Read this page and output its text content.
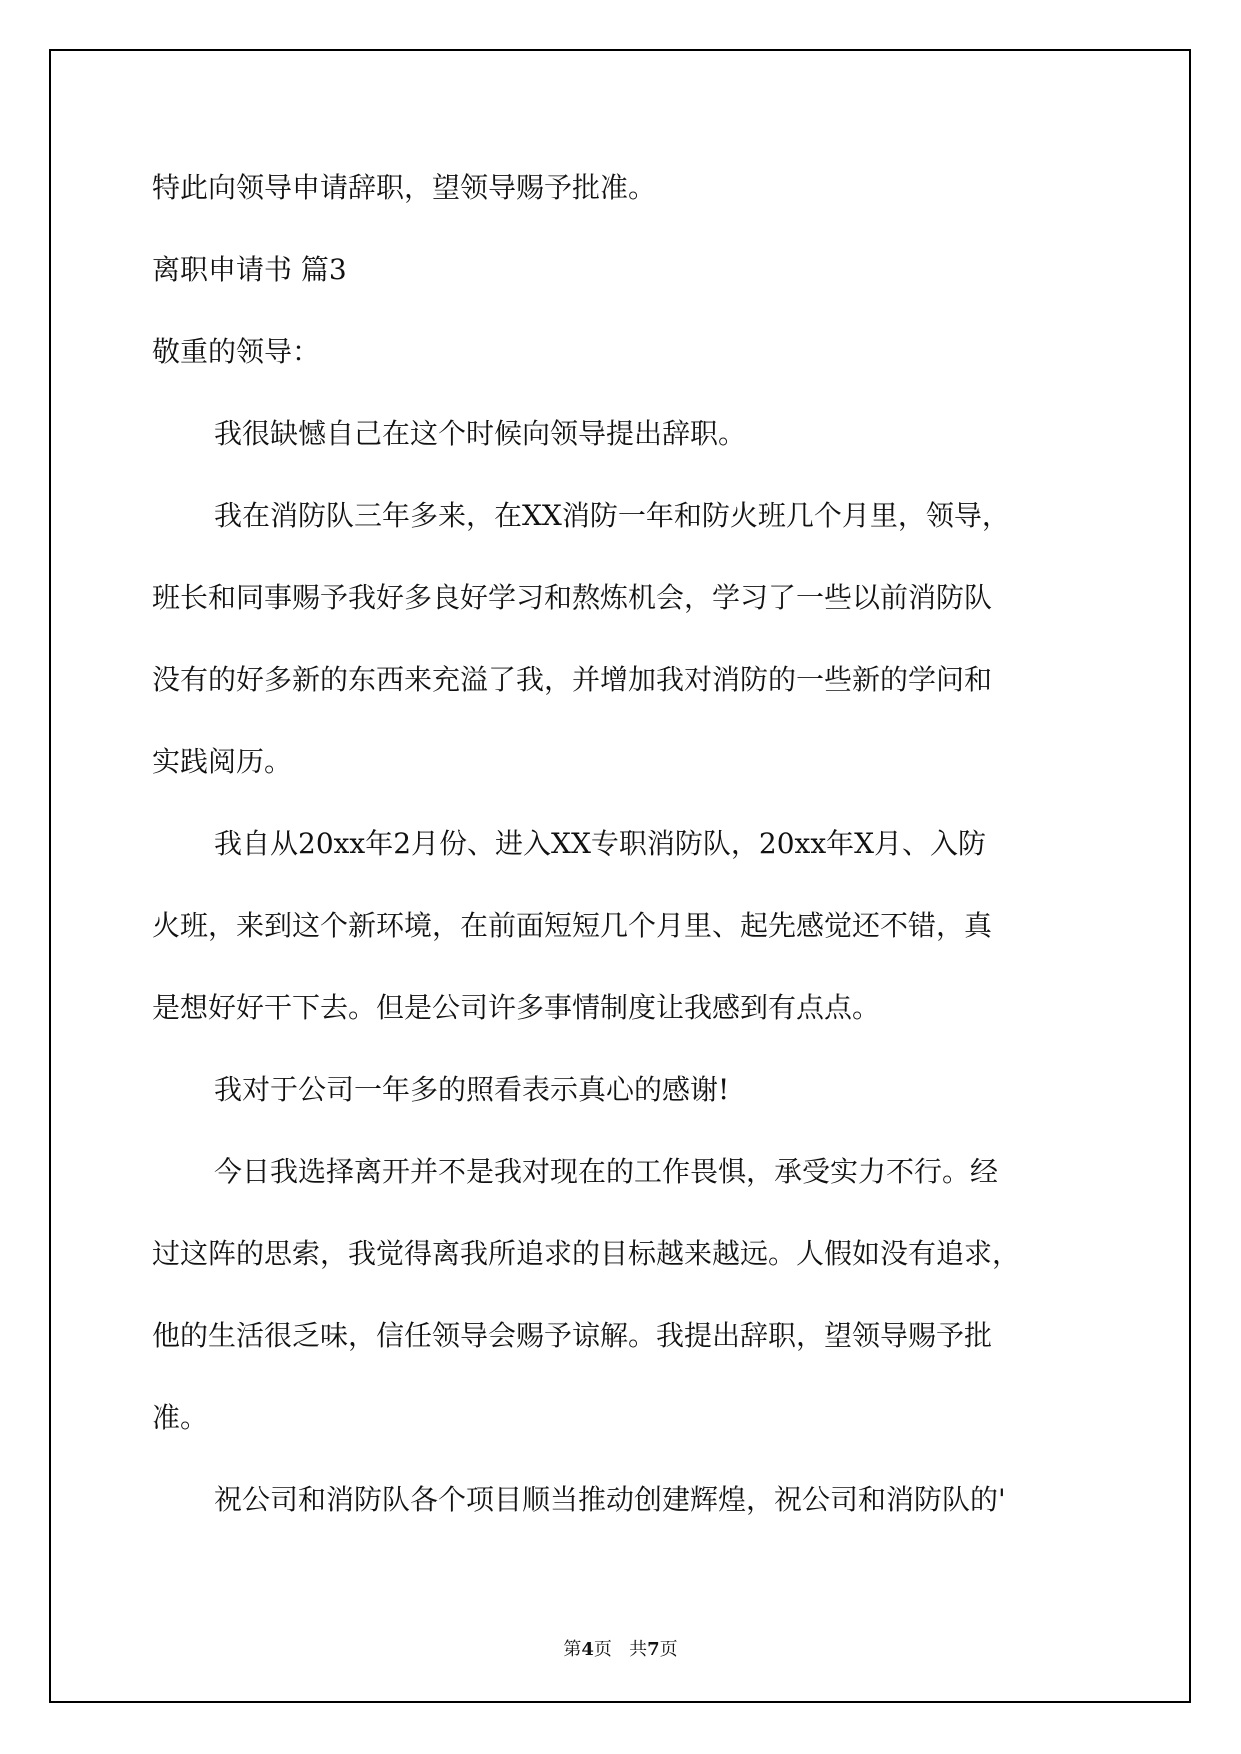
特此向领导申请辞职，望领导赐予批准。
离职申请书 篇3
敬重的领导：
我很缺憾自己在这个时候向领导提出辞职。
我在消防队三年多来，在XX消防一年和防火班几个月里，领导，
班长和同事赐予我好多良好学习和熬炼机会，学习了一些以前消防队
没有的好多新的东西来充溢了我，并增加我对消防的一些新的学问和
实践阅历。
我自从20xx年2月份、进入XX专职消防队，20xx年X月、入防
火班，来到这个新环境，在前面短短几个月里、起先感觉还不错，真
是想好好干下去。但是公司许多事情制度让我感到有点点。
我对于公司一年多的照看表示真心的感谢!
今日我选择离开并不是我对现在的工作畏惧，承受实力不行。经
过这阵的思索，我觉得离我所追求的目标越来越远。人假如没有追求，
他的生活很乏味，信任领导会赐予谅解。我提出辞职，望领导赐予批
准。
祝公司和消防队各个项目顺当推动创建辉煌，祝公司和消防队的'
第4页 共7页
